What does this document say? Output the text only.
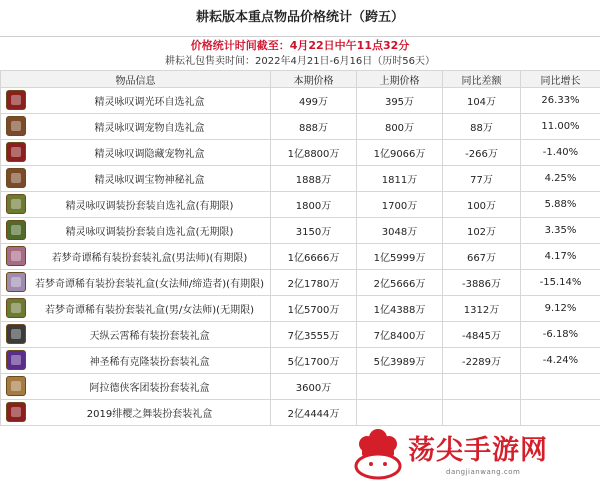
耕耘版本重点物品价格统计（跨五）
价格统计时间截至：4月22日中午11点32分
耕耘礼包售卖时间：2022年4月21日-6月16日（历时56天）
物品信息	本期价格	上期价格	同比差额	同比增长

精灵咏叹调光环自选礼盒	499万	395万	104万	26.33%

精灵咏叹调宠物自选礼盒	888万	800万	88万	11.00%

精灵咏叹调隐藏宠物礼盒	1亿8800万	1亿9066万	-266万	-1.40%

精灵咏叹调宝物神秘礼盒	1888万	1811万	77万	4.25%

精灵咏叹调装扮套装自选礼盒(有期限)	1800万	1700万	100万	5.88%

精灵咏叹调装扮套装自选礼盒(无期限)	3150万	3048万	102万	3.35%

若梦奇谭稀有装扮套装礼盒(男法师)(有期限)	1亿6666万	1亿5999万	667万	4.17%

若梦奇谭稀有装扮套装礼盒(女法师/缔造者)(有期限)	2亿1780万	2亿5666万	-3886万	-15.14%

若梦奇谭稀有装扮套装礼盒(男/女法师)(无期限)	1亿5700万	1亿4388万	1312万	9.12%

天纵云霄稀有装扮套装礼盒	7亿3555万	7亿8400万	-4845万	-6.18%

神圣稀有克隆装扮套装礼盒	5亿1700万	5亿3989万	-2289万	-4.24%

阿拉德侠客团装扮套装礼盒	3600万			

2019绯樱之舞装扮套装礼盒	2亿4444万			
荡尖手游网
dangjianwang.com
